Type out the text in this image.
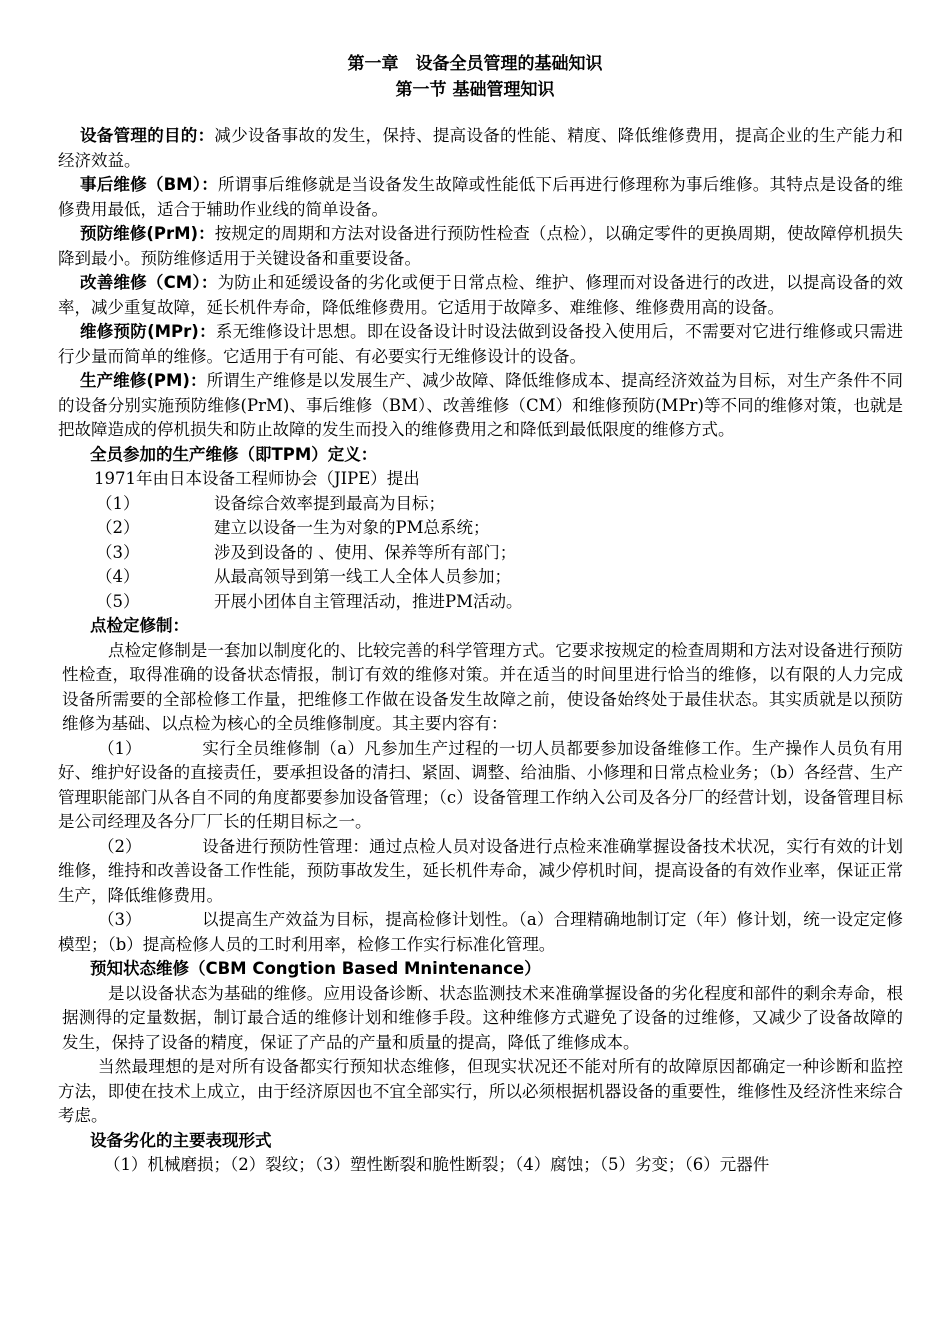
第一章　设备全员管理的基础知识
第一节 基础管理知识

设备管理的目的：减少设备事故的发生，保持、提高设备的性能、精度、降低维修费用，提高企业的生产能力和经济效益。

事后维修（BM）：所谓事后维修就是当设备发生故障或性能低下后再进行修理称为事后维修。其特点是设备的维修费用最低，适合于辅助作业线的简单设备。

预防维修(PrM)：按规定的周期和方法对设备进行预防性检查（点检），以确定零件的更换周期，使故障停机损失降到最小。预防维修适用于关键设备和重要设备。

改善维修（CM）：为防止和延缓设备的劣化或便于日常点检、维护、修理而对设备进行的改进，以提高设备的效率，减少重复故障，延长机件寿命，降低维修费用。它适用于故障多、难维修、维修费用高的设备。

维修预防(MPr)：系无维修设计思想。即在设备设计时设法做到设备投入使用后，不需要对它进行维修或只需进行少量而简单的维修。它适用于有可能、有必要实行无维修设计的设备。

生产维修(PM)：所谓生产维修是以发展生产、减少故障、降低维修成本、提高经济效益为目标，对生产条件不同的设备分别实施预防维修(PrM)、事后维修（BM）、改善维修（CM）和维修预防(MPr)等不同的维修对策，也就是把故障造成的停机损失和防止故障的发生而投入的维修费用之和降低到最低限度的维修方式。

全员参加的生产维修（即TPM）定义：

1971年由日本设备工程师协会（JIPE）提出

（1）	设备综合效率提到最高为目标；
（2）	建立以设备一生为对象的PM总系统；
（3）	涉及到设备的 、使用、保养等所有部门；
（4）	从最高领导到第一线工人全体人员参加；
（5）	开展小团体自主管理活动，推进PM活动。

点检定修制：

点检定修制是一套加以制度化的、比较完善的科学管理方式。它要求按规定的检查周期和方法对设备进行预防性检查，取得准确的设备状态情报，制订有效的维修对策。并在适当的时间里进行恰当的维修，以有限的人力完成设备所需要的全部检修工作量，把维修工作做在设备发生故障之前，使设备始终处于最佳状态。其实质就是以预防维修为基础、以点检为核心的全员维修制度。其主要内容有：

（1）	实行全员维修制（a）凡参加生产过程的一切人员都要参加设备维修工作。生产操作人员负有用好、维护好设备的直接责任，要承担设备的清扫、紧固、调整、给油脂、小修理和日常点检业务；（b）各经营、生产管理职能部门从各自不同的角度都要参加设备管理；（c）设备管理工作纳入公司及各分厂的经营计划，设备管理目标是公司经理及各分厂厂长的任期目标之一。

（2）	设备进行预防性管理：通过点检人员对设备进行点检来准确掌握设备技术状况，实行有效的计划维修，维持和改善设备工作性能，预防事故发生，延长机件寿命，减少停机时间，提高设备的有效作业率，保证正常生产，降低维修费用。

（3）	以提高生产效益为目标，提高检修计划性。（a）合理精确地制订定（年）修计划，统一设定定修模型；（b）提高检修人员的工时利用率，检修工作实行标准化管理。

预知状态维修（CBM Congtion Based Mnintenance）

是以设备状态为基础的维修。应用设备诊断、状态监测技术来准确掌握设备的劣化程度和部件的剩余寿命，根据测得的定量数据，制订最合适的维修计划和维修手段。这种维修方式避免了设备的过维修，又减少了设备故障的发生，保持了设备的精度，保证了产品的产量和质量的提高，降低了维修成本。

当然最理想的是对所有设备都实行预知状态维修，但现实状况还不能对所有的故障原因都确定一种诊断和监控方法，即使在技术上成立，由于经济原因也不宜全部实行，所以必须根据机器设备的重要性，维修性及经济性来综合考虑。

设备劣化的主要表现形式

（1）机械磨损；（2）裂纹；（3）塑性断裂和脆性断裂；（4）腐蚀；（5）劣变；（6）元器件
